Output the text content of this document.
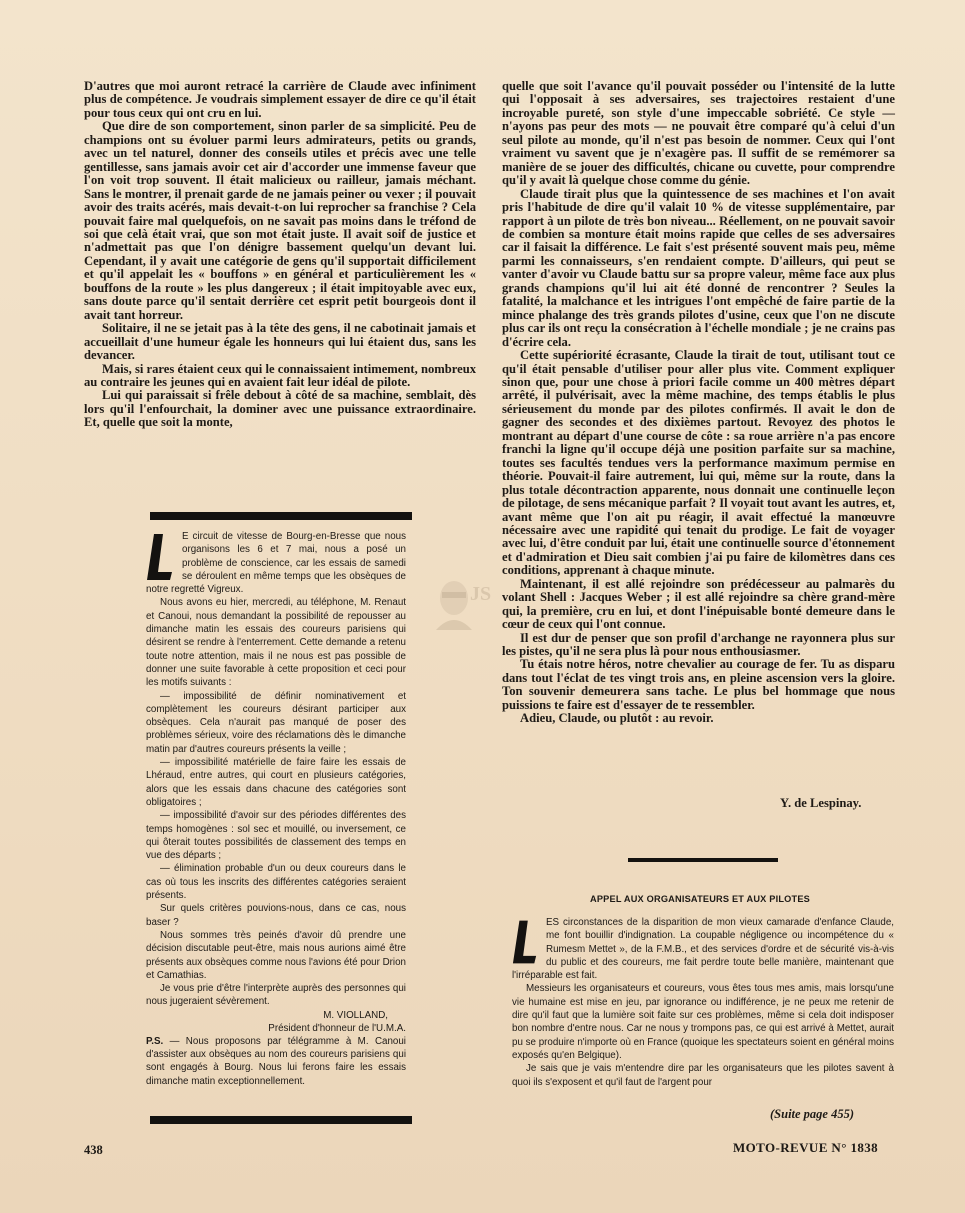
D'autres que moi auront retracé la carrière de Claude avec infiniment plus de compétence. Je voudrais simplement essayer de dire ce qu'il était pour tous ceux qui ont cru en lui.

Que dire de son comportement, sinon parler de sa simplicité. Peu de champions ont su évoluer parmi leurs admirateurs, petits ou grands, avec un tel naturel, donner des conseils utiles et précis avec une telle gentillesse, sans jamais avoir cet air d'accorder une immense faveur que l'on voit trop souvent. Il était malicieux ou railleur, jamais méchant. Sans le montrer, il prenait garde de ne jamais peiner ou vexer ; il pouvait avoir des traits acérés, mais devait-t-on lui reprocher sa franchise ? Cela pouvait faire mal quelquefois, on ne savait pas moins dans le tréfond de soi que celà était vrai, que son mot était juste. Il avait soif de justice et n'admettait pas que l'on dénigre bassement quelqu'un devant lui. Cependant, il y avait une catégorie de gens qu'il supportait difficilement et qu'il appelait les « bouffons » en général et particulièrement les « bouffons de la route » les plus dangereux ; il était impitoyable avec eux, sans doute parce qu'il sentait derrière cet esprit petit bourgeois dont il avait tant horreur.

Solitaire, il ne se jetait pas à la tête des gens, il ne cabotinait jamais et accueillait d'une humeur égale les honneurs qui lui étaient dus, sans les devancer.

Mais, si rares étaient ceux qui le connaissaient intimement, nombreux au contraire les jeunes qui en avaient fait leur idéal de pilote.

Lui qui paraissait si frêle debout à côté de sa machine, semblait, dès lors qu'il l'enfourchait, la dominer avec une puissance extraordinaire. Et, quelle que soit la monte,

E circuit de vitesse de Bourg-en-Bresse que nous organisons les 6 et 7 mai, nous a posé un problème de conscience, car les essais de samedi se déroulent en même temps que les obsèques de notre regretté Vigreux.

Nous avons eu hier, mercredi, au téléphone, M. Renaut et Canoui, nous demandant la possibilité de repousser au dimanche matin les essais des coureurs parisiens qui désirent se rendre à l'enterrement. Cette demande a retenu toute notre attention, mais il ne nous est pas possible de donner une suite favorable à cette proposition et ceci pour les motifs suivants :

— impossibilité de définir nominativement et complètement les coureurs désirant participer aux obsèques. Cela n'aurait pas manqué de poser des problèmes sérieux, voire des réclamations dès le dimanche matin par d'autres coureurs présents la veille ;

— impossibilité matérielle de faire faire les essais de Lhéraud, entre autres, qui court en plusieurs catégories, alors que les essais dans chacune des catégories sont obligatoires ;

— impossibilité d'avoir sur des périodes différentes des temps homogènes : sol sec et mouillé, ou inversement, ce qui ôterait toutes possibilités de classement des temps en vue des départs ;

— élimination probable d'un ou deux coureurs dans le cas où tous les inscrits des différentes catégories seraient présents.

Sur quels critères pouvions-nous, dans ce cas, nous baser ?

Nous sommes très peinés d'avoir dû prendre une décision discutable peut-être, mais nous aurions aimé être présents aux obsèques comme nous l'avions été pour Drion et Camathias.

Je vous prie d'être l'interprète auprès des personnes qui nous jugeraient sévèrement.

M. VIOLLAND,

Président d'honneur de l'U.M.A.

P.S. — Nous proposons par télégramme à M. Canoui d'assister aux obsèques au nom des coureurs parisiens qui sont engagés à Bourg. Nous lui ferons faire les essais dimanche matin exceptionnellement.

JS

quelle que soit l'avance qu'il pouvait posséder ou l'intensité de la lutte qui l'opposait à ses adversaires, ses trajectoires restaient d'une incroyable pureté, son style d'une impeccable sobriété. Ce style — n'ayons pas peur des mots — ne pouvait être comparé qu'à celui d'un seul pilote au monde, qu'il n'est pas besoin de nommer. Ceux qui l'ont vraiment vu savent que je n'exagère pas. Il suffit de se remémorer sa manière de se jouer des difficultés, chicane ou cuvette, pour comprendre qu'il y avait là quelque chose comme du génie.

Claude tirait plus que la quintessence de ses machines et l'on avait pris l'habitude de dire qu'il valait 10 % de vitesse supplémentaire, par rapport à un pilote de très bon niveau... Réellement, on ne pouvait savoir de combien sa monture était moins rapide que celles de ses adversaires car il faisait la différence. Le fait s'est présenté souvent mais peu, même parmi les connaisseurs, s'en rendaient compte. D'ailleurs, qui peut se vanter d'avoir vu Claude battu sur sa propre valeur, même face aux plus grands champions qu'il lui ait été donné de rencontrer ? Seules la fatalité, la malchance et les intrigues l'ont empêché de faire partie de la mince phalange des très grands pilotes d'usine, ceux que l'on ne discute plus car ils ont reçu la consécration à l'échelle mondiale ; je ne crains pas d'écrire cela.

Cette supériorité écrasante, Claude la tirait de tout, utilisant tout ce qu'il était pensable d'utiliser pour aller plus vite. Comment expliquer sinon que, pour une chose à priori facile comme un 400 mètres départ arrêté, il pulvérisait, avec la même machine, des temps établis le plus sérieusement du monde par des pilotes confirmés. Il avait le don de gagner des secondes et des dixièmes partout. Revoyez des photos le montrant au départ d'une course de côte : sa roue arrière n'a pas encore franchi la ligne qu'il occupe déjà une position parfaite sur sa machine, toutes ses facultés tendues vers la performance maximum permise en théorie. Pouvait-il faire autrement, lui qui, même sur la route, dans la plus totale décontraction apparente, nous donnait une continuelle leçon de pilotage, de sens mécanique parfait ? Il voyait tout avant les autres, et, avant même que l'on ait pu réagir, il avait effectué la manœuvre nécessaire avec une rapidité qui tenait du prodige. Le fait de voyager avec lui, d'être conduit par lui, était une continuelle source d'étonnement et d'admiration et Dieu sait combien j'ai pu faire de kilomètres dans ces conditions, apprenant à chaque minute.

Maintenant, il est allé rejoindre son prédécesseur au palmarès du volant Shell : Jacques Weber ; il est allé rejoindre sa chère grand-mère qui, la première, cru en lui, et dont l'inépuisable bonté demeure dans le cœur de ceux qui l'ont connue.

Il est dur de penser que son profil d'archange ne rayonnera plus sur les pistes, qu'il ne sera plus là pour nous enthousiasmer.

Tu étais notre héros, notre chevalier au courage de fer. Tu as disparu dans tout l'éclat de tes vingt trois ans, en pleine ascension vers la gloire. Ton souvenir demeurera sans tache. Le plus bel hommage que nous puissions te faire est d'essayer de te ressembler.

Adieu, Claude, ou plutôt : au revoir.

Y. de Lespinay.
APPEL AUX ORGANISATEURS ET AUX PILOTES

ES circonstances de la disparition de mon vieux camarade d'enfance Claude, me font bouillir d'indignation. La coupable négligence ou incompétence du « Rumesm Mettet », de la F.M.B., et des services d'ordre et de sécurité vis-à-vis du public et des coureurs, me fait perdre toute belle manière, maintenant que l'irréparable est fait.

Messieurs les organisateurs et coureurs, vous êtes tous mes amis, mais lorsqu'une vie humaine est mise en jeu, par ignorance ou indifférence, je ne peux me retenir de dire qu'il faut que la lumière soit faite sur ces problèmes, même si cela doit indisposer bon nombre d'entre nous. Car ne nous y trompons pas, ce qui est arrivé à Mettet, aurait pu se produire n'importe où en France (quoique les spectateurs soient en général moins exposés qu'en Belgique).

Je sais que je vais m'entendre dire par les organisateurs que les pilotes savent à quoi ils s'exposent et qu'il faut de l'argent pour

(Suite page 455)
438	MOTO-REVUE N° 1838
